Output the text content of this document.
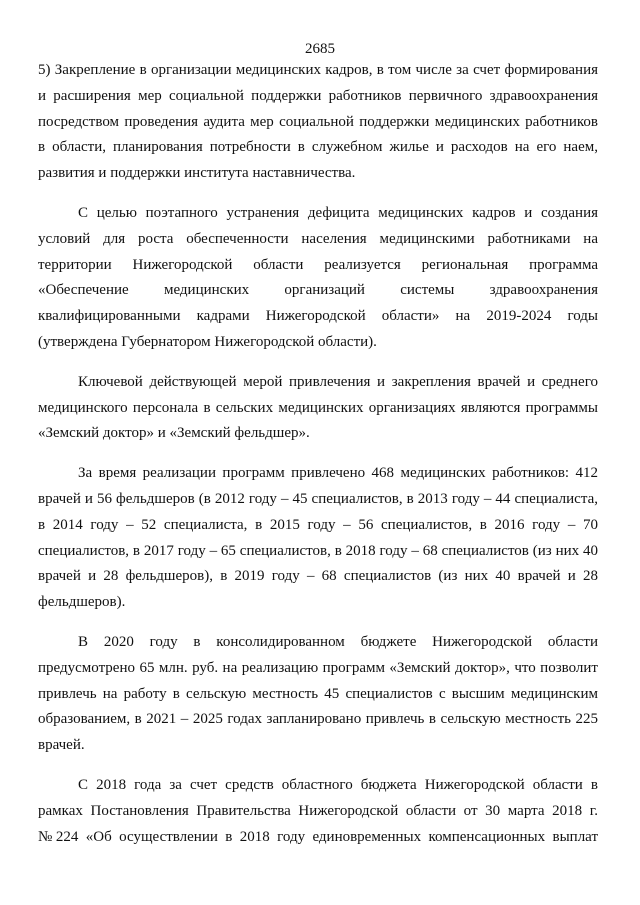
2685

5) Закрепление в организации медицинских кадров, в том числе за счет формирования и расширения мер социальной поддержки работников первичного здравоохранения посредством проведения аудита мер социальной поддержки медицинских работников в области, планирования потребности в служебном жилье и расходов на его наем, развития и поддержки института наставничества.

С целью поэтапного устранения дефицита медицинских кадров и создания условий для роста обеспеченности населения медицинскими работниками на территории Нижегородской области реализуется региональная программа «Обеспечение медицинских организаций системы здравоохранения квалифицированными кадрами Нижегородской области» на 2019-2024 годы (утверждена Губернатором Нижегородской области).

Ключевой действующей мерой привлечения и закрепления врачей и среднего медицинского персонала в сельских медицинских организациях являются программы «Земский доктор» и «Земский фельдшер».

За время реализации программ привлечено 468 медицинских работников: 412 врачей и 56 фельдшеров (в 2012 году – 45 специалистов, в 2013 году – 44 специалиста, в 2014 году – 52 специалиста, в 2015 году – 56 специалистов, в 2016 году – 70 специалистов, в 2017 году – 65 специалистов, в 2018 году – 68 специалистов (из них 40 врачей и 28 фельдшеров), в 2019 году – 68 специалистов (из них 40 врачей и 28 фельдшеров).

В 2020 году в консолидированном бюджете Нижегородской области предусмотрено 65 млн. руб. на реализацию программ «Земский доктор», что позволит привлечь на работу в сельскую местность 45 специалистов с высшим медицинским образованием, в 2021 – 2025 годах запланировано привлечь в сельскую местность 225 врачей.

С 2018 года за счет средств областного бюджета Нижегородской области в рамках Постановления Правительства Нижегородской области от 30 марта 2018 г. №224 «Об осуществлении в 2018 году единовременных компенсационных выплат
